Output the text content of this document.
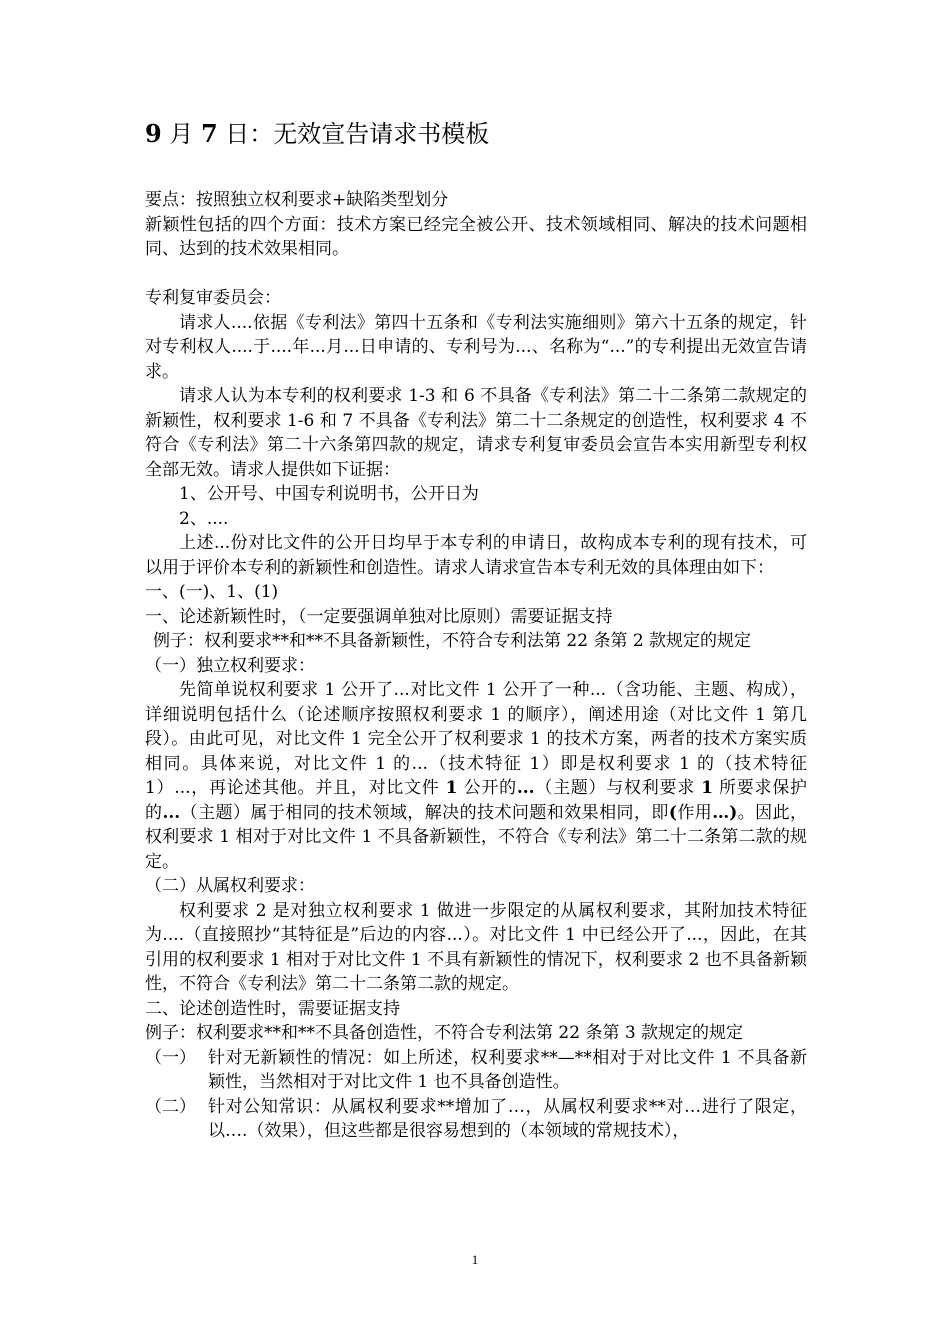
9 月 7 日：无效宣告请求书模板

要点：按照独立权利要求+缺陷类型划分

新颖性包括的四个方面：技术方案已经完全被公开、技术领域相同、解决的技术问题相同、达到的技术效果相同。

专利复审委员会：

请求人....依据《专利法》第四十五条和《专利法实施细则》第六十五条的规定，针对专利权人....于....年...月...日申请的、专利号为...、名称为“...”的专利提出无效宣告请求。

请求人认为本专利的权利要求 1-3 和 6 不具备《专利法》第二十二条第二款规定的新颖性，权利要求 1-6 和 7 不具备《专利法》第二十二条规定的创造性，权利要求 4 不符合《专利法》第二十六条第四款的规定，请求专利复审委员会宣告本实用新型专利权全部无效。请求人提供如下证据：

1、公开号、中国专利说明书，公开日为

2、....

上述...份对比文件的公开日均早于本专利的申请日，故构成本专利的现有技术，可以用于评价本专利的新颖性和创造性。请求人请求宣告本专利无效的具体理由如下：

一、(一)、1、(1)

一、论述新颖性时，（一定要强调单独对比原则）需要证据支持

例子：权利要求**和**不具备新颖性，不符合专利法第 22 条第 2 款规定的规定

（一）独立权利要求：

先简单说权利要求 1 公开了...对比文件 1 公开了一种...（含功能、主题、构成），详细说明包括什么（论述顺序按照权利要求 1 的顺序），阐述用途（对比文件 1 第几段）。由此可见，对比文件 1 完全公开了权利要求 1 的技术方案，两者的技术方案实质相同。具体来说，对比文件 1 的...（技术特征 1）即是权利要求 1 的（技术特征 1）...，再论述其他。并且，对比文件 1 公开的...（主题）与权利要求 1 所要求保护的...（主题）属于相同的技术领域，解决的技术问题和效果相同，即(作用…)。因此，权利要求 1 相对于对比文件 1 不具备新颖性，不符合《专利法》第二十二条第二款的规定。

（二）从属权利要求：

权利要求 2 是对独立权利要求 1 做进一步限定的从属权利要求，其附加技术特征为....（直接照抄“其特征是”后边的内容...）。对比文件 1 中已经公开了...，因此，在其引用的权利要求 1 相对于对比文件 1 不具有新颖性的情况下，权利要求 2 也不具备新颖性，不符合《专利法》第二十二条第二款的规定。

二、论述创造性时，需要证据支持

例子：权利要求**和**不具备创造性，不符合专利法第 22 条第 3 款规定的规定

（一） 针对无新颖性的情况：如上所述，权利要求**—**相对于对比文件 1 不具备新颖性，当然相对于对比文件 1 也不具备创造性。
（二） 针对公知常识：从属权利要求**增加了…，从属权利要求**对…进行了限定，以….（效果），但这些都是很容易想到的（本领域的常规技术），
1
